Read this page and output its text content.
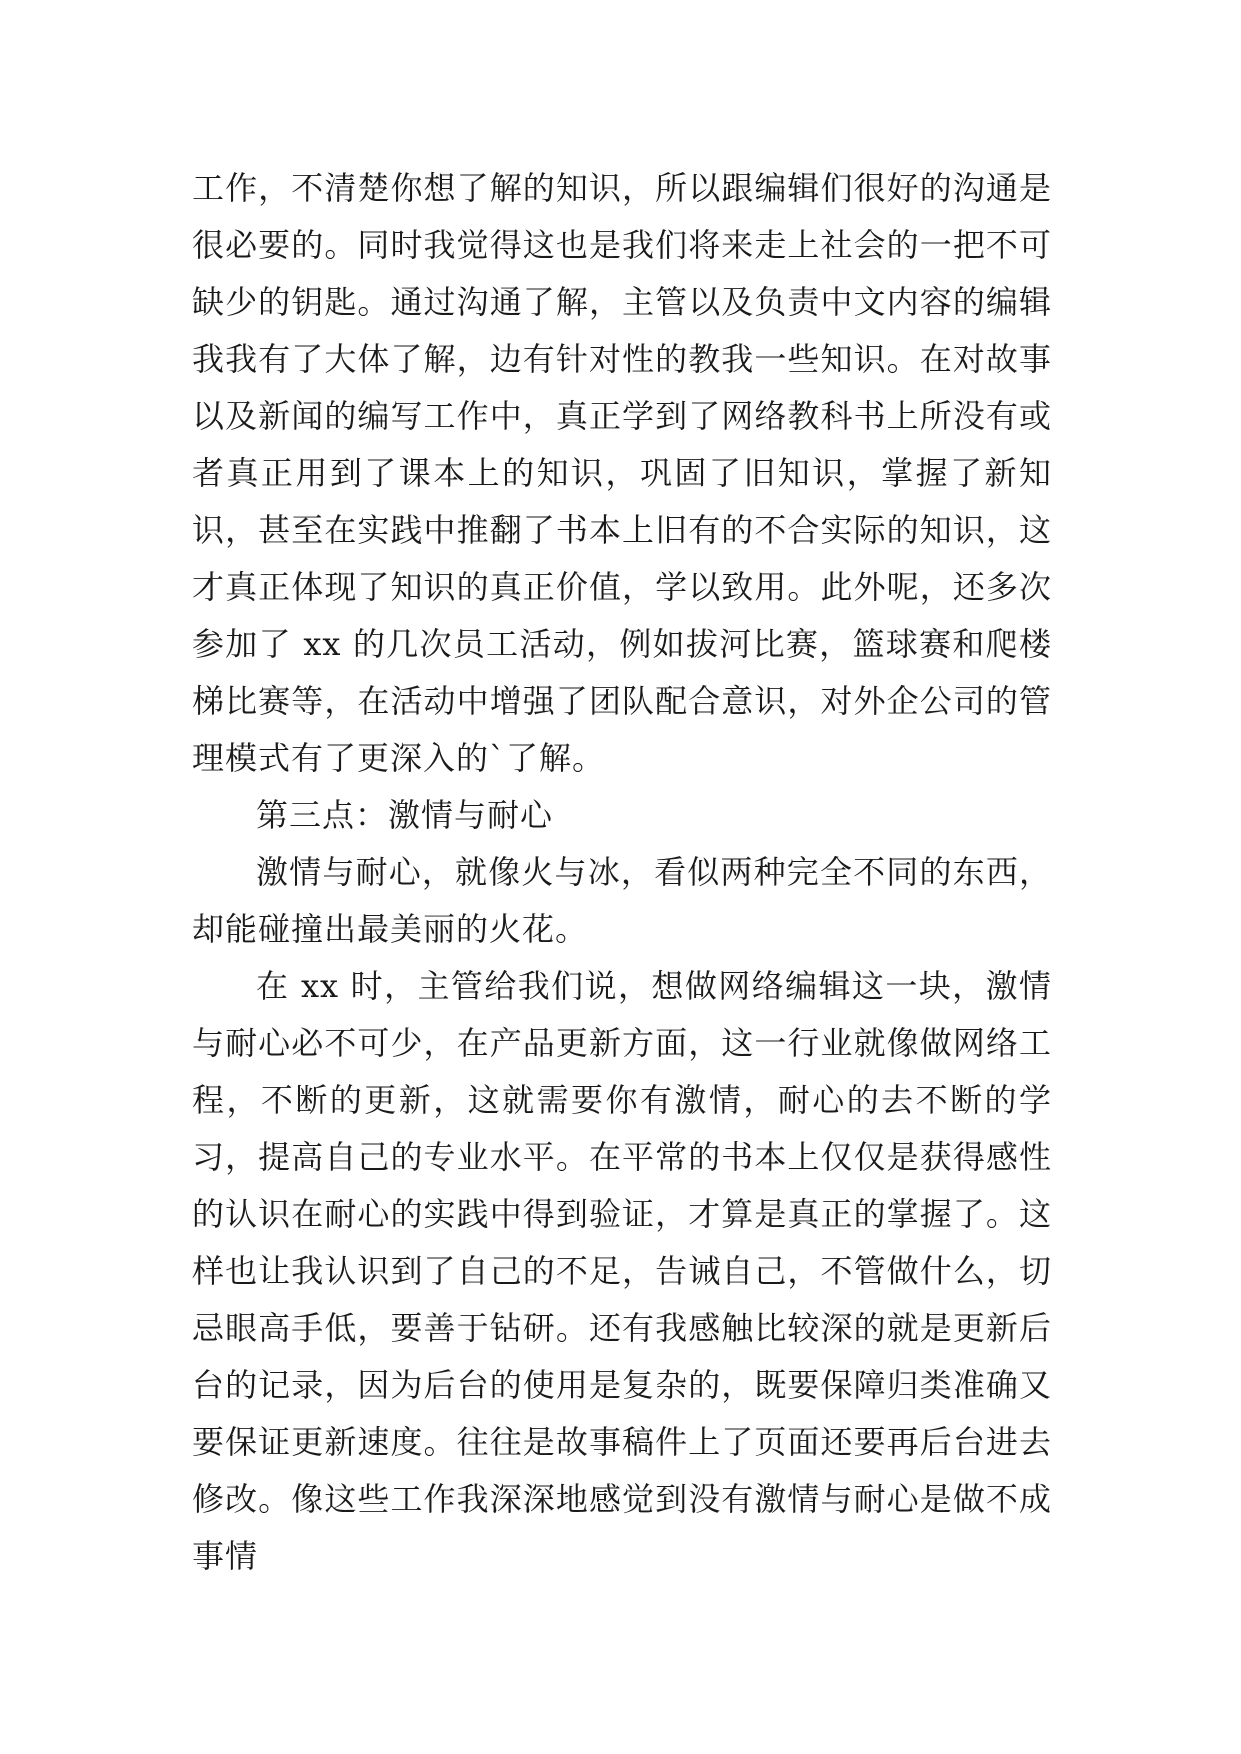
工作，不清楚你想了解的知识，所以跟编辑们很好的沟通是很必要的。同时我觉得这也是我们将来走上社会的一把不可缺少的钥匙。通过沟通了解，主管以及负责中文内容的编辑我我有了大体了解，边有针对性的教我一些知识。在对故事以及新闻的编写工作中，真正学到了网络教科书上所没有或者真正用到了课本上的知识，巩固了旧知识，掌握了新知识，甚至在实践中推翻了书本上旧有的不合实际的知识，这才真正体现了知识的真正价值，学以致用。此外呢，还多次参加了 xx 的几次员工活动，例如拔河比赛，篮球赛和爬楼梯比赛等，在活动中增强了团队配合意识，对外企公司的管理模式有了更深入的`了解。

第三点：激情与耐心

激情与耐心，就像火与冰，看似两种完全不同的东西，却能碰撞出最美丽的火花。

在 xx 时，主管给我们说，想做网络编辑这一块，激情与耐心必不可少，在产品更新方面，这一行业就像做网络工程，不断的更新，这就需要你有激情，耐心的去不断的学习，提高自己的专业水平。在平常的书本上仅仅是获得感性的认识在耐心的实践中得到验证，才算是真正的掌握了。这样也让我认识到了自己的不足，告诫自己，不管做什么，切忌眼高手低，要善于钻研。还有我感触比较深的就是更新后台的记录，因为后台的使用是复杂的，既要保障归类准确又要保证更新速度。往往是故事稿件上了页面还要再后台进去修改。像这些工作我深深地感觉到没有激情与耐心是做不成事情
